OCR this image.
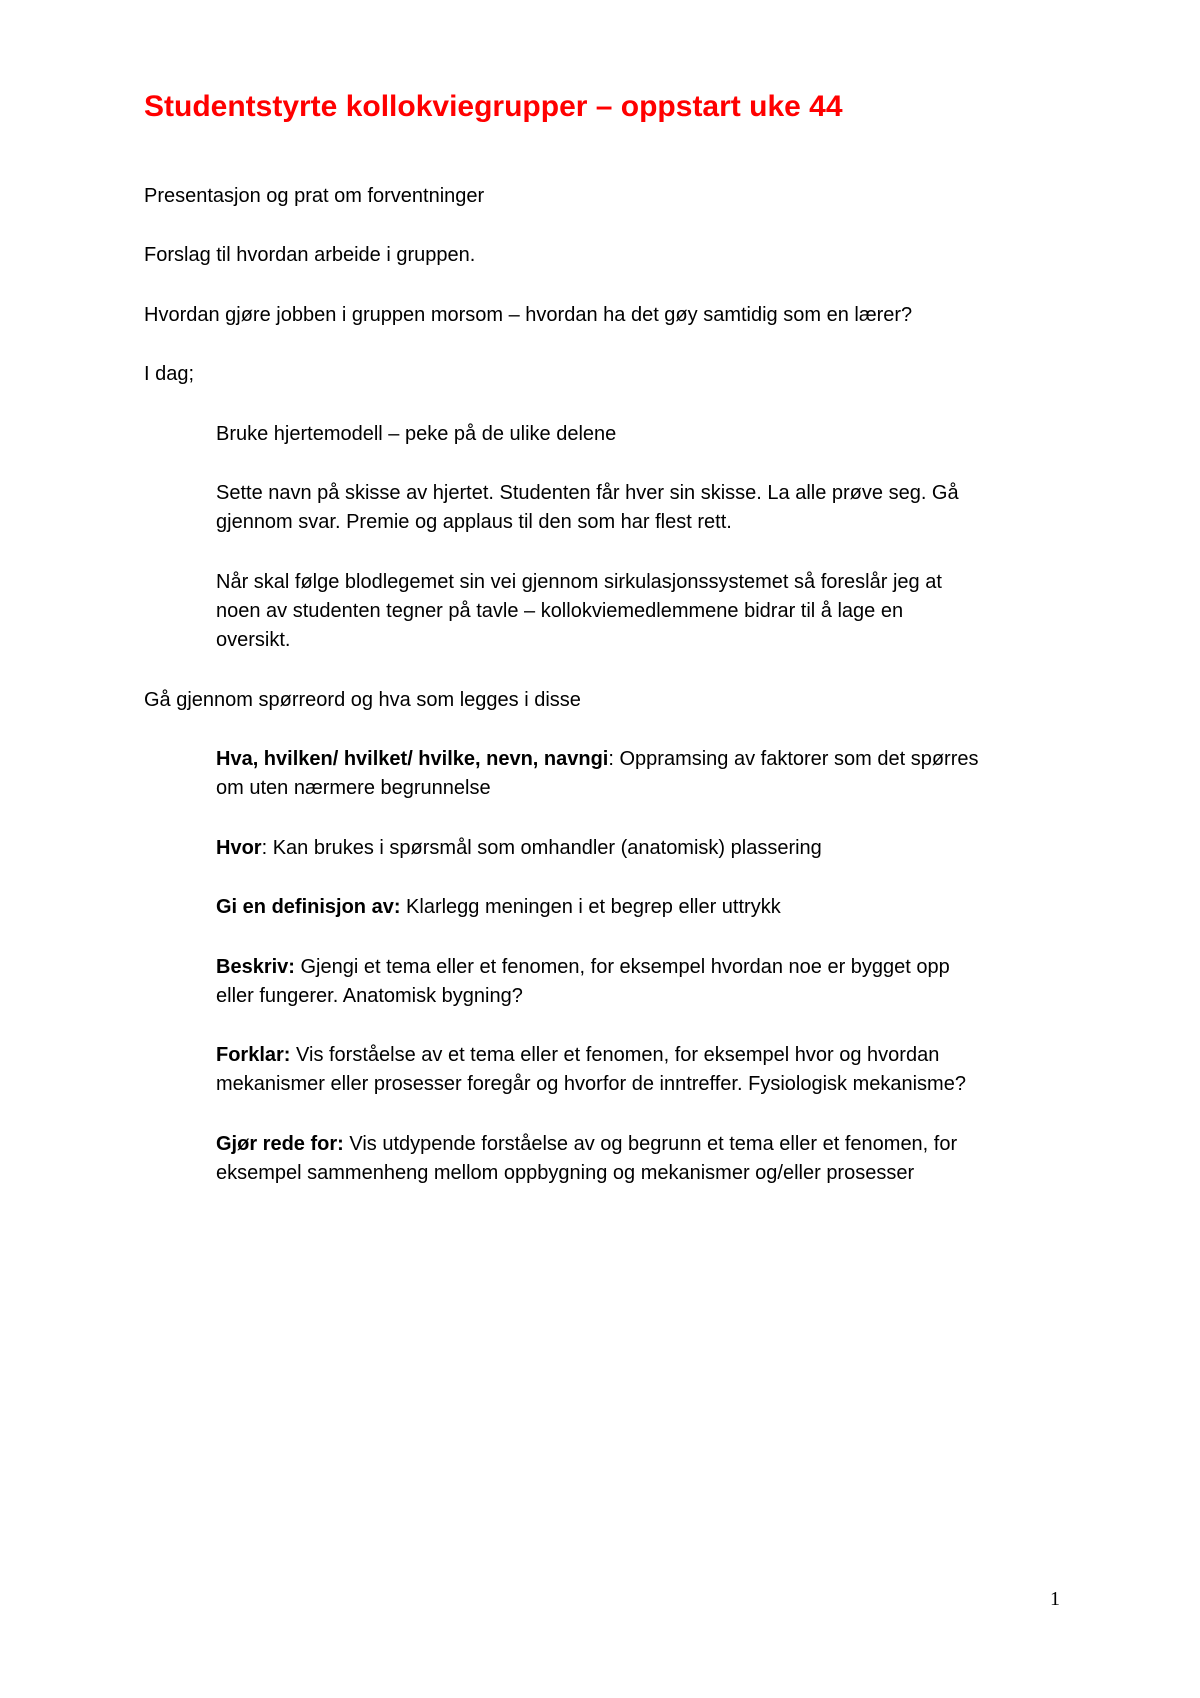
Studentstyrte kollokviegrupper – oppstart uke 44

Presentasjon og prat om forventninger

Forslag til hvordan arbeide i gruppen.

Hvordan gjøre jobben i gruppen morsom – hvordan ha det gøy samtidig som en lærer?

I dag;

Bruke hjertemodell – peke på de ulike delene

Sette navn på skisse av hjertet. Studenten får hver sin skisse. La alle prøve seg. Gå

gjennom svar. Premie og applaus til den som har flest rett.

Når skal følge blodlegemet sin vei gjennom sirkulasjonssystemet så foreslår jeg at

noen av studenten tegner på tavle – kollokviemedlemmene bidrar til å lage en

oversikt.

Gå gjennom spørreord og hva som legges i disse

Hva, hvilken/ hvilket/ hvilke, nevn, navngi: Oppramsing av faktorer som det spørres

om uten nærmere begrunnelse

Hvor: Kan brukes i spørsmål som omhandler (anatomisk) plassering

Gi en definisjon av: Klarlegg meningen i et begrep eller uttrykk

Beskriv: Gjengi et tema eller et fenomen, for eksempel hvordan noe er bygget opp

eller fungerer. Anatomisk bygning?

Forklar: Vis forståelse av et tema eller et fenomen, for eksempel hvor og hvordan

mekanismer eller prosesser foregår og hvorfor de inntreffer. Fysiologisk mekanisme?

Gjør rede for: Vis utdypende forståelse av og begrunn et tema eller et fenomen, for

eksempel sammenheng mellom oppbygning og mekanismer og/eller prosesser

1
